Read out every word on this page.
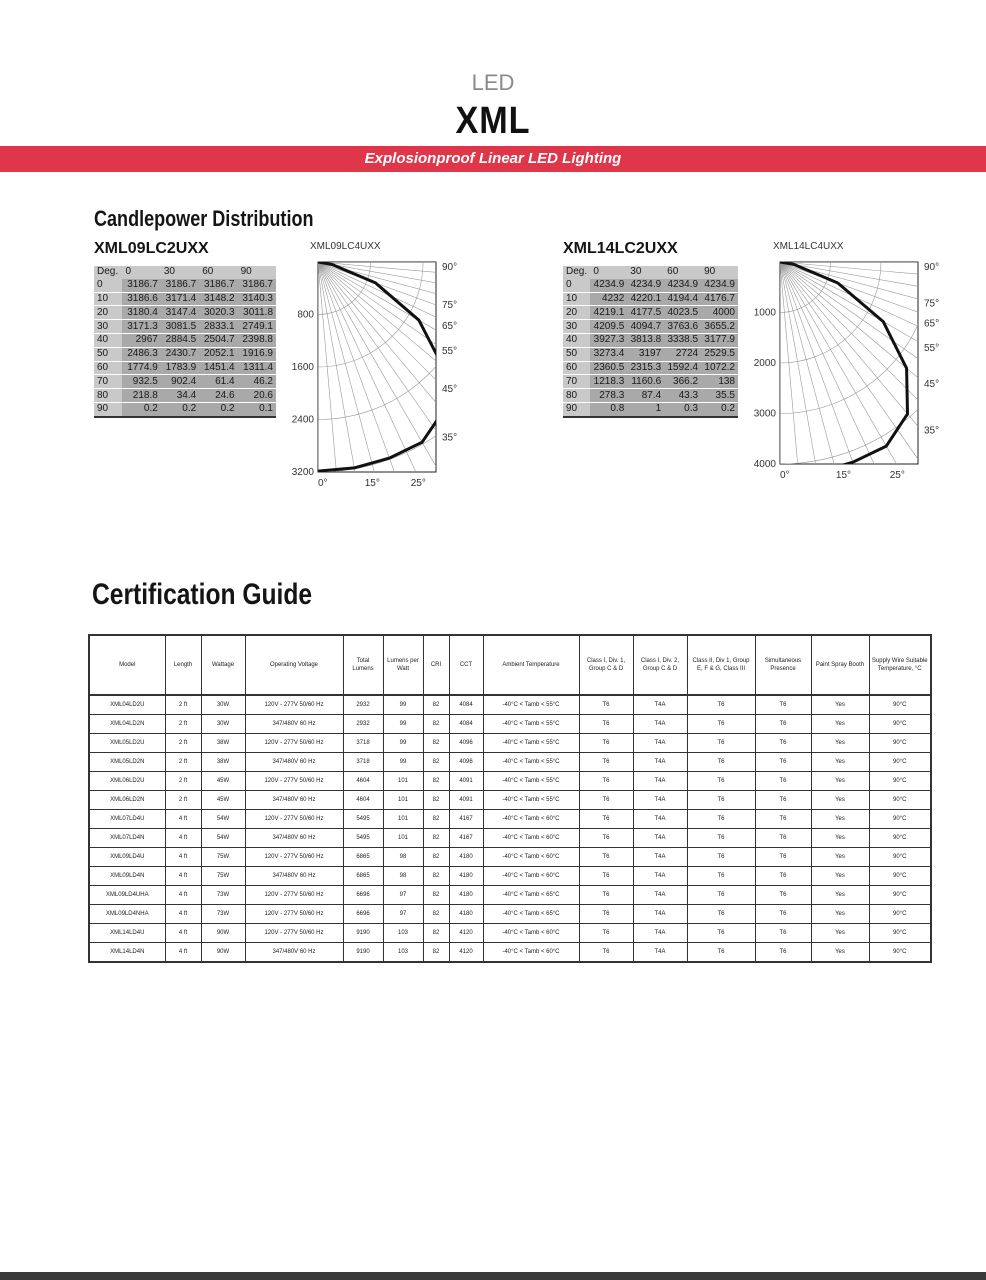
LED
XML
Explosionproof Linear LED Lighting
Candlepower Distribution
XML09LC2UXX	XML09LC4UXX
Deg.	0	30	60	90
0	3186.7	3186.7	3186.7	3186.7
10	3186.6	3171.4	3148.2	3140.3
20	3180.4	3147.4	3020.3	3011.8
30	3171.3	3081.5	2833.1	2749.1
40	2967	2884.5	2504.7	2398.8
50	2486.3	2430.7	2052.1	1916.9
60	1774.9	1783.9	1451.4	1311.4
70	932.5	902.4	61.4	46.2
80	218.8	34.4	24.6	20.6
90	0.2	0.2	0.2	0.1
800
1600
2400
3200
90°
75°
65°
55°
45°
35°
0°	15°	25°
XML14LC2UXX	XML14LC4UXX
Deg.	0	30	60	90
0	4234.9	4234.9	4234.9	4234.9
10	4232	4220.1	4194.4	4176.7
20	4219.1	4177.5	4023.5	4000
30	4209.5	4094.7	3763.6	3655.2
40	3927.3	3813.8	3338.5	3177.9
50	3273.4	3197	2724	2529.5
60	2360.5	2315.3	1592.4	1072.2
70	1218.3	1160.6	366.2	138
80	278.3	87.4	43.3	35.5
90	0.8	1	0.3	0.2
1000
2000
3000
4000
90°
75°
65°
55°
45°
35°
0°	15°	25°
Certification Guide
Model	Length	Wattage	Operating Voltage	Total Lumens	Lumens per Watt	CRI	CCT	Ambient Temperature	Class I, Div. 1, Group C & D	Class I, Div. 2, Group C & D	Class II, Div 1, Group E, F & G, Class III	Simultaneous Presence	Paint Spray Booth	Supply Wire Suitable Temperature, °C
XML04LD2U	2 ft	30W	120V - 277V 50/60 Hz	2932	99	82	4084	-40°C < Tamb < 55°C	T6	T4A	T6	T6	Yes	90°C
XML04LD2N	2 ft	30W	347/480V 60 Hz	2932	99	82	4084	-40°C < Tamb < 55°C	T6	T4A	T6	T6	Yes	90°C
XML05LD2U	2 ft	38W	120V - 277V 50/60 Hz	3718	99	82	4096	-40°C < Tamb < 55°C	T6	T4A	T6	T6	Yes	90°C
XML05LD2N	2 ft	38W	347/480V 60 Hz	3718	99	82	4096	-40°C < Tamb < 55°C	T6	T4A	T6	T6	Yes	90°C
XML06LD2U	2 ft	45W	120V - 277V 50/60 Hz	4604	101	82	4091	-40°C < Tamb < 55°C	T6	T4A	T6	T6	Yes	90°C
XML06LD2N	2 ft	45W	347/480V 60 Hz	4604	101	82	4091	-40°C < Tamb < 55°C	T6	T4A	T6	T6	Yes	90°C
XML07LD4U	4 ft	54W	120V - 277V 50/60 Hz	5495	101	82	4167	-40°C < Tamb < 60°C	T6	T4A	T6	T6	Yes	90°C
XML07LD4N	4 ft	54W	347/480V 60 Hz	5495	101	82	4167	-40°C < Tamb < 60°C	T6	T4A	T6	T6	Yes	90°C
XML09LD4U	4 ft	75W	120V - 277V 50/60 Hz	6865	98	82	4180	-40°C < Tamb < 60°C	T6	T4A	T6	T6	Yes	90°C
XML09LD4N	4 ft	75W	347/480V 60 Hz	6865	98	82	4180	-40°C < Tamb < 60°C	T6	T4A	T6	T6	Yes	90°C
XML09LD4UHA	4 ft	73W	120V - 277V 50/60 Hz	6696	97	82	4180	-40°C < Tamb < 65°C	T6	T4A	T6	T6	Yes	90°C
XML09LD4NHA	4 ft	73W	120V - 277V 50/60 Hz	6696	97	82	4180	-40°C < Tamb < 65°C	T6	T4A	T6	T6	Yes	90°C
XML14LD4U	4 ft	90W	120V - 277V 50/60 Hz	9190	103	82	4120	-40°C < Tamb < 60°C	T6	T4A	T6	T6	Yes	90°C
XML14LD4N	4 ft	90W	347/480V 60 Hz	9190	103	82	4120	-40°C < Tamb < 60°C	T6	T4A	T6	T6	Yes	90°C
